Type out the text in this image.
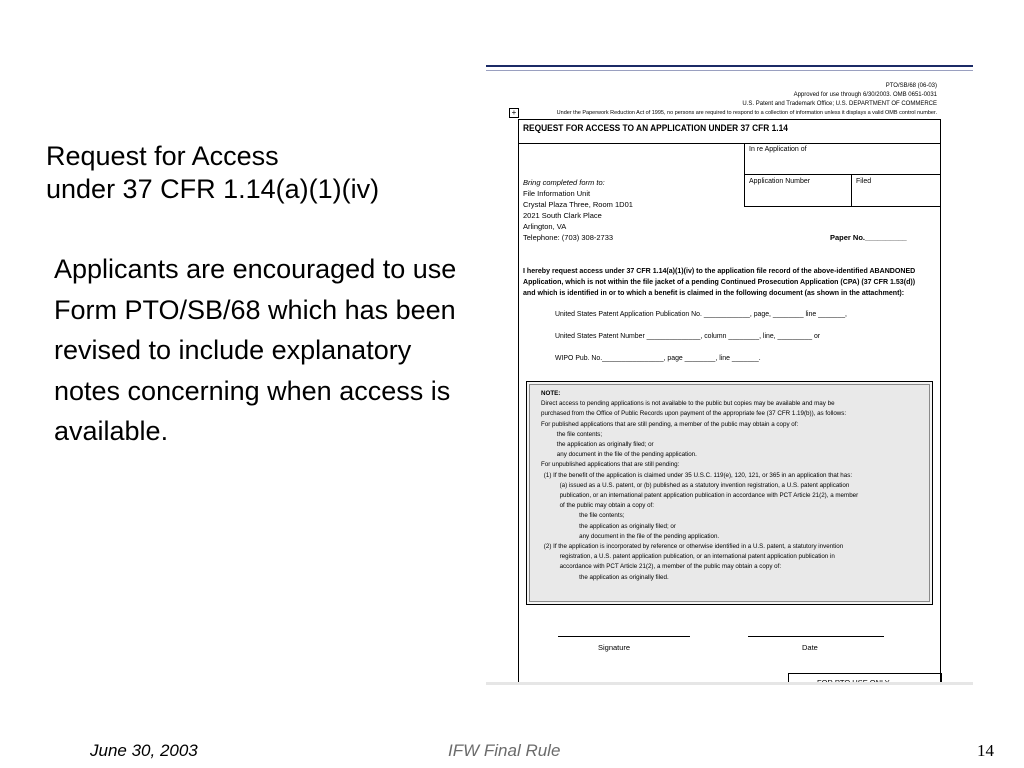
Request for Access
under 37 CFR 1.14(a)(1)(iv)

Applicants are encouraged to use Form PTO/SB/68 which has been revised to include explanatory notes concerning when access is available.

PTO/SB/68 (06-03)
Approved for use through 6/30/2003. OMB 0651-0031
U.S. Patent and Trademark Office; U.S. DEPARTMENT OF COMMERCE
Under the Paperwork Reduction Act of 1995, no persons are required to respond to a collection of information unless it displays a valid OMB control number.
+
REQUEST FOR ACCESS TO AN APPLICATION UNDER 37 CFR 1.14
In re Application of
Application Number	Filed
Bring completed form to:
File Information Unit
Crystal Plaza Three, Room 1D01
2021 South Clark Place
Arlington, VA
Telephone: (703) 308-2733	Paper No.__________
I hereby request access under 37 CFR 1.14(a)(1)(iv) to the application file record of the above-identified ABANDONED Application, which is not within the file jacket of a pending Continued Prosecution Application (CPA) (37 CFR 1.53(d)) and which is identified in or to which a benefit is claimed in the following document (as shown in the attachment):
United States Patent Application Publication No. ____________, page, ________ line _______,
United States Patent Number ______________, column ________, line, _________ or
WIPO Pub. No.________________, page ________, line _______.
NOTE:
Direct access to pending applications is not available to the public but copies may be available and may be
purchased from the Office of Public Records upon payment of the appropriate fee (37 CFR 1.19(b)), as follows:
For published applications that are still pending, a member of the public may obtain a copy of:
the file contents;
the application as originally filed; or
any document in the file of the pending application.
For unpublished applications that are still pending:
(1) If the benefit of the application is claimed under 35 U.S.C. 119(e), 120, 121, or 365 in an application that has:
(a) issued as a U.S. patent, or (b) published as a statutory invention registration, a U.S. patent application
publication, or an international patent application publication in accordance with PCT Article 21(2), a member
of the public may obtain a copy of:
the file contents;
the application as originally filed; or
any document in the file of the pending application.
(2) If the application is incorporated by reference or otherwise identified in a U.S. patent, a statutory invention
registration, a U.S. patent application publication, or an international patent application publication in
accordance with PCT Article 21(2), a member of the public may obtain a copy of:
the application as originally filed.
Signature	Date
June 30, 2003	IFW Final Rule	14
